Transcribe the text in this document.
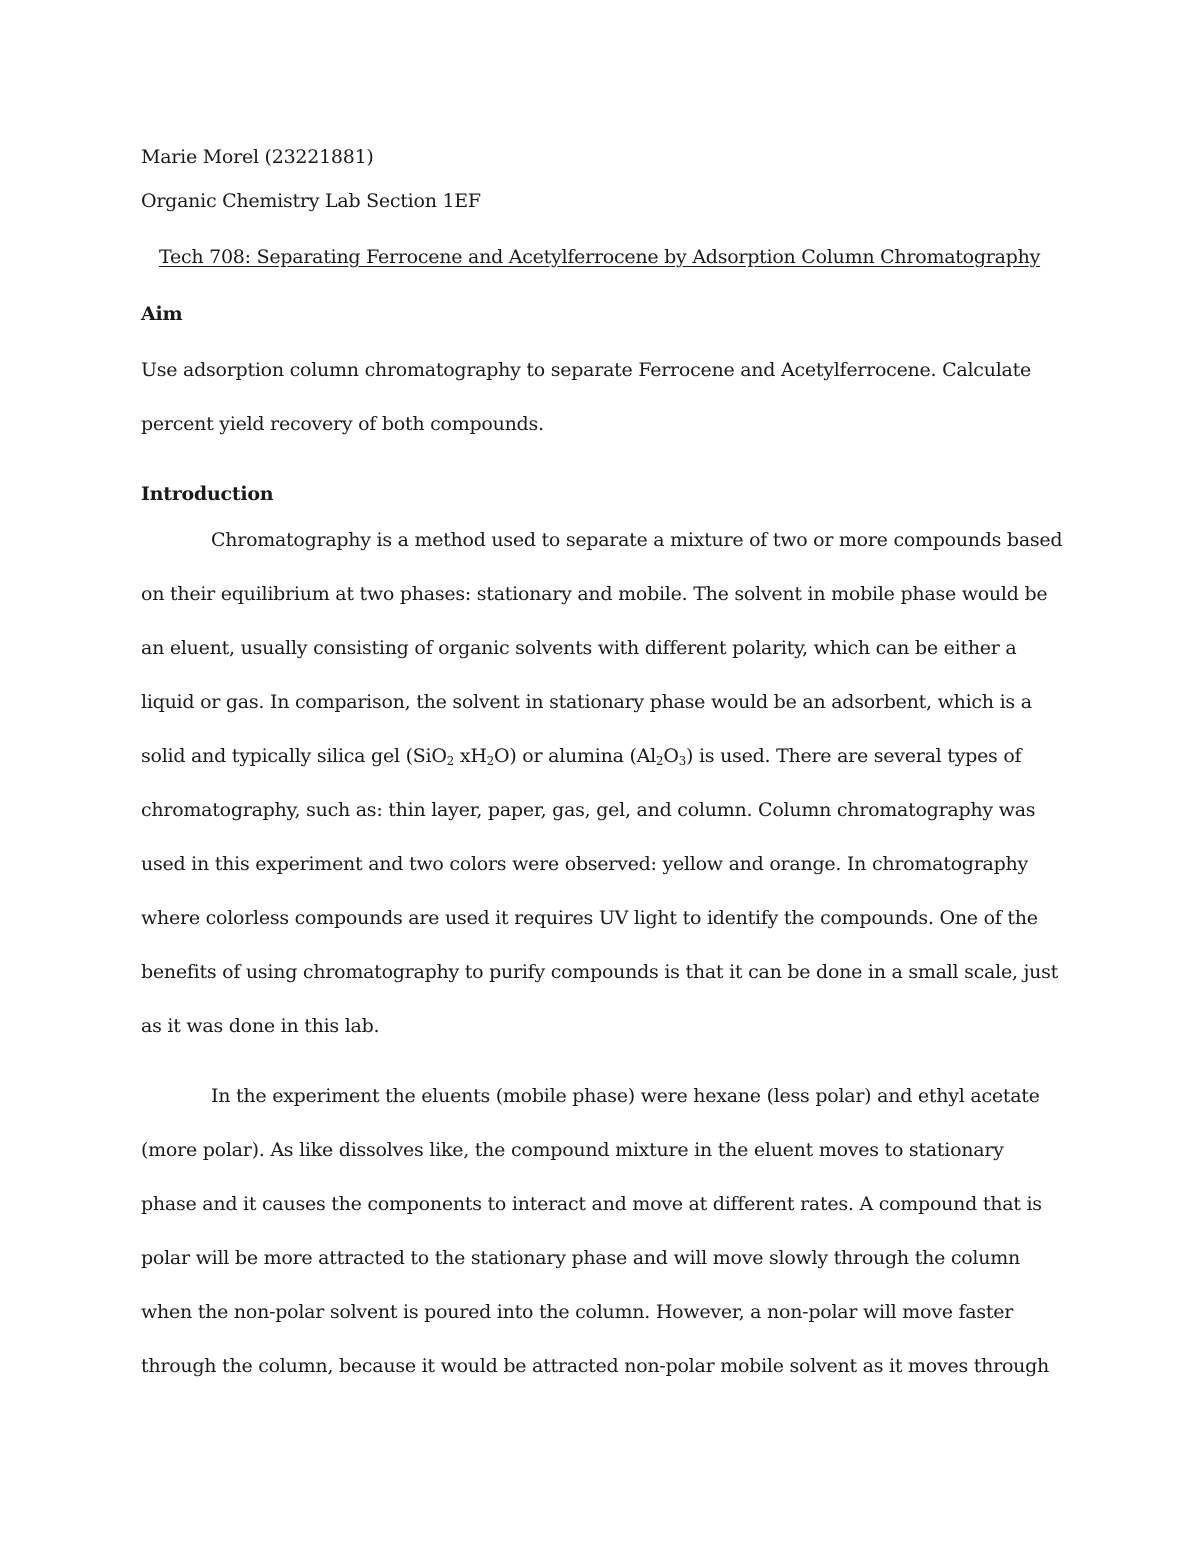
Marie Morel (23221881)
Organic Chemistry Lab Section 1EF
Tech 708: Separating Ferrocene and Acetylferrocene by Adsorption Column Chromatography
Aim
Use adsorption column chromatography to separate Ferrocene and Acetylferrocene. Calculate
percent yield recovery of both compounds.
Introduction
Chromatography is a method used to separate a mixture of two or more compounds based
on their equilibrium at two phases: stationary and mobile. The solvent in mobile phase would be
an eluent, usually consisting of organic solvents with different polarity, which can be either a
liquid or gas. In comparison, the solvent in stationary phase would be an adsorbent, which is a
solid and typically silica gel (SiO$_2$ $xH_2O$) or alumina $(Al_2O_3)$ is used. There are several types of
chromatography, such as: thin layer, paper, gas, gel, and column. Column chromatography was
used in this experiment and two colors were observed: yellow and orange. In chromatography
where colorless compounds are used it requires UV light to identify the compounds. One of the
benefits of using chromatography to purify compounds is that it can be done in a small scale, just
as it was done in this lab.
In the experiment the eluents (mobile phase) were hexane (less polar) and ethyl acetate
(more polar). As like dissolves like, the compound mixture in the eluent moves to stationary
phase and it causes the components to interact and move at different rates. A compound that is
polar will be more attracted to the stationary phase and will move slowly through the column
when the non-polar solvent is poured into the column. However, a non-polar will move faster
through the column, because it would be attracted non-polar mobile solvent as it moves through
